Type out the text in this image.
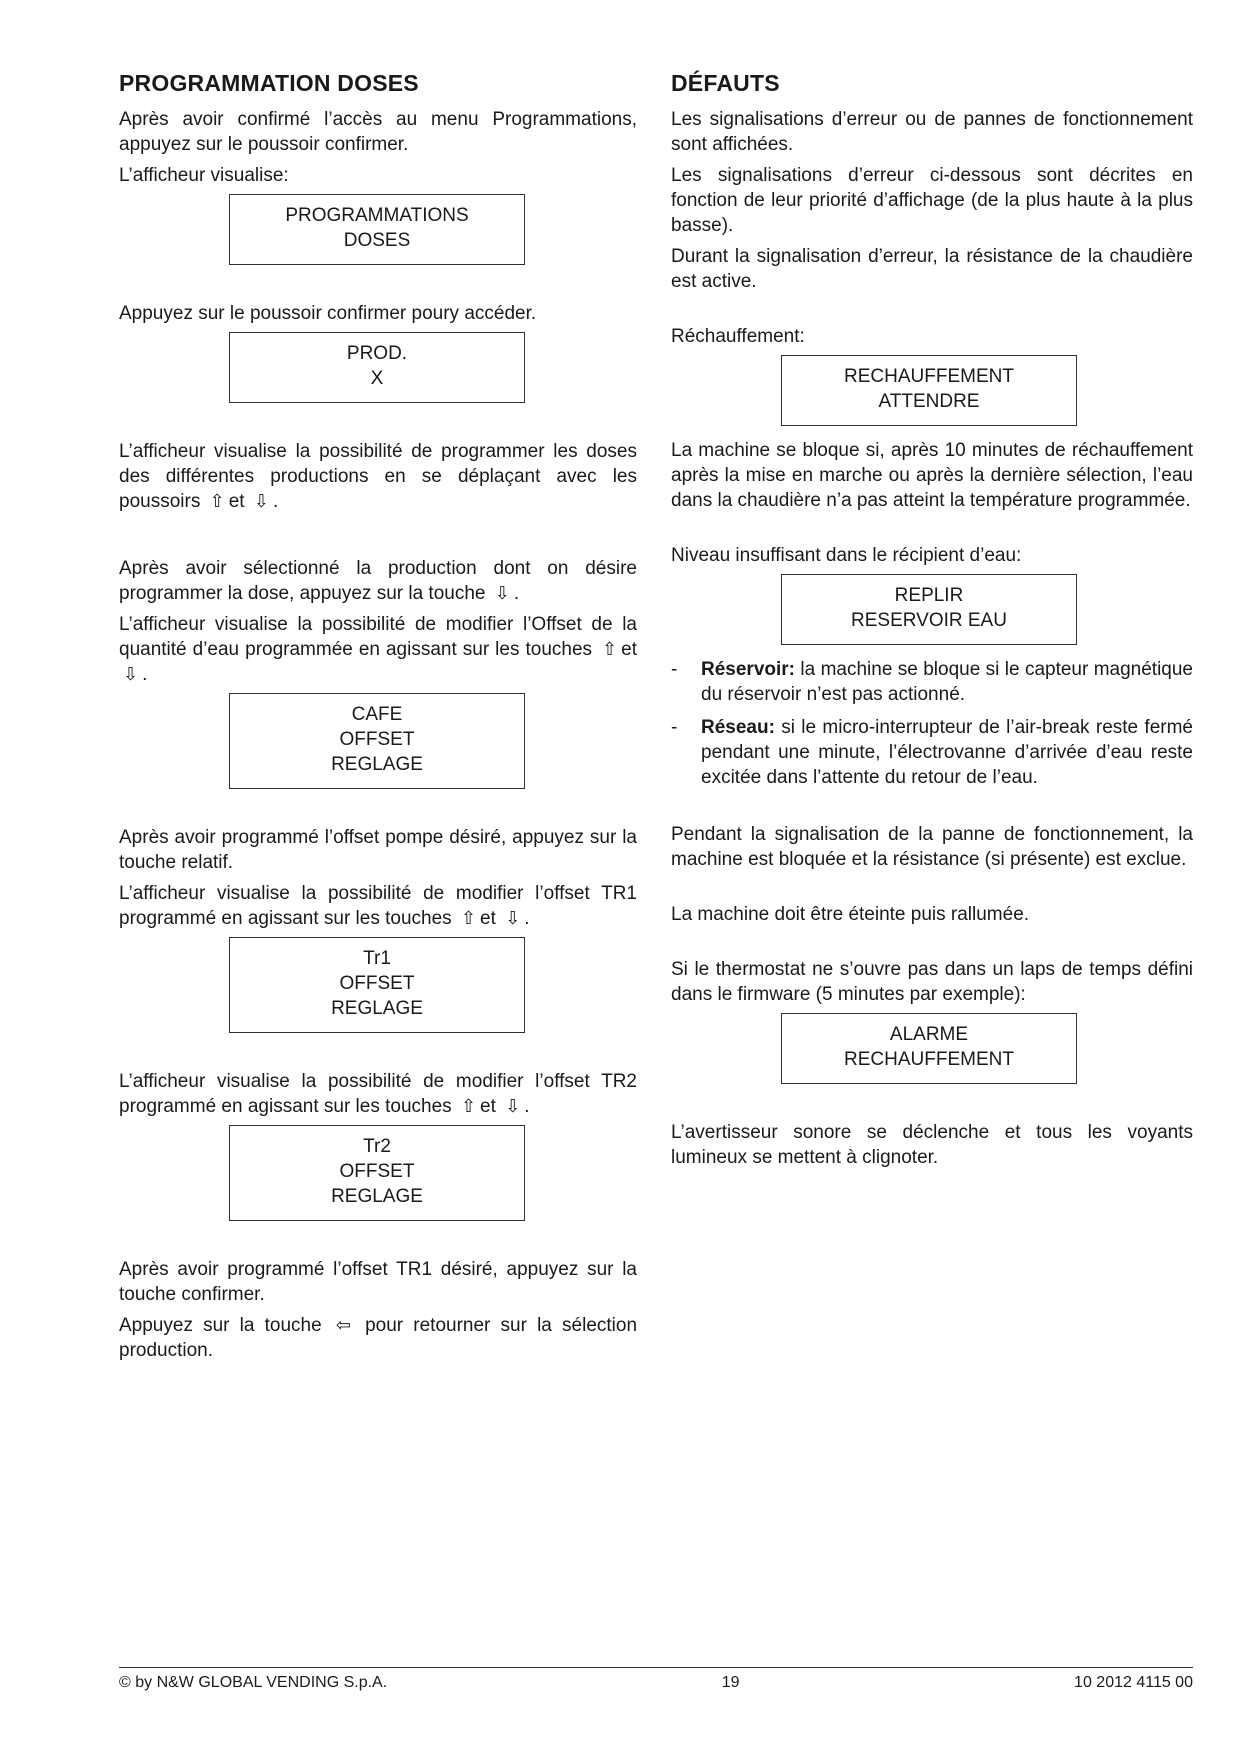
PROGRAMMATION DOSES

Après avoir confirmé l’accès au menu Programmations, appuyez sur le poussoir confirmer.

L’afficheur visualise:

PROGRAMMATIONS
DOSES

Appuyez sur le poussoir confirmer poury accéder.

PROD.
X

L’afficheur visualise la possibilité de programmer les doses des différentes productions en se déplaçant avec les poussoirs ⇧ et ⇩ .

Après avoir sélectionné la production dont on désire programmer la dose, appuyez sur la touche ⇩ .

L’afficheur visualise la possibilité de modifier l’Offset de la quantité d’eau programmée en agissant sur les touches ⇧ et ⇩ .

CAFE
OFFSET
REGLAGE

Après avoir programmé l’offset pompe désiré, appuyez sur la touche relatif.

L’afficheur visualise la possibilité de modifier l’offset TR1 programmé en agissant sur les touches ⇧ et ⇩ .

Tr1
OFFSET
REGLAGE

L’afficheur visualise la possibilité de modifier l’offset TR2 programmé en agissant sur les touches ⇧ et ⇩ .

Tr2
OFFSET
REGLAGE

Après avoir programmé l’offset TR1 désiré, appuyez sur la touche confirmer.

Appuyez sur la touche ⇦ pour retourner sur la sélection production.

DÉFAUTS

Les signalisations d’erreur ou de pannes de fonctionnement sont affichées.

Les signalisations d’erreur ci-dessous sont décrites en fonction de leur priorité d’affichage (de la plus haute à la plus basse).

Durant la signalisation d’erreur, la résistance de la chaudière est active.

Réchauffement:

RECHAUFFEMENT
ATTENDRE

La machine se bloque si, après 10 minutes de réchauffement après la mise en marche ou après la dernière sélection, l’eau dans la chaudière n’a pas atteint la température programmée.

Niveau insuffisant dans le récipient d’eau:

REPLIR
RESERVOIR EAU
-	Réservoir: la machine se bloque si le capteur magnétique du réservoir n’est pas actionné.
-	Réseau: si le micro-interrupteur de l’air-break reste fermé pendant une minute, l’électrovanne d’arrivée d’eau reste excitée dans l’attente du retour de l’eau.

Pendant la signalisation de la panne de fonctionnement, la machine est bloquée et la résistance (si présente) est exclue.

La machine doit être éteinte puis rallumée.

Si le thermostat ne s’ouvre pas dans un laps de temps défini dans le firmware (5 minutes par exemple):

ALARME
RECHAUFFEMENT

L’avertisseur sonore se déclenche et tous les voyants lumineux se mettent à clignoter.

© by N&W GLOBAL VENDING S.p.A.	19	10 2012 4115 00
